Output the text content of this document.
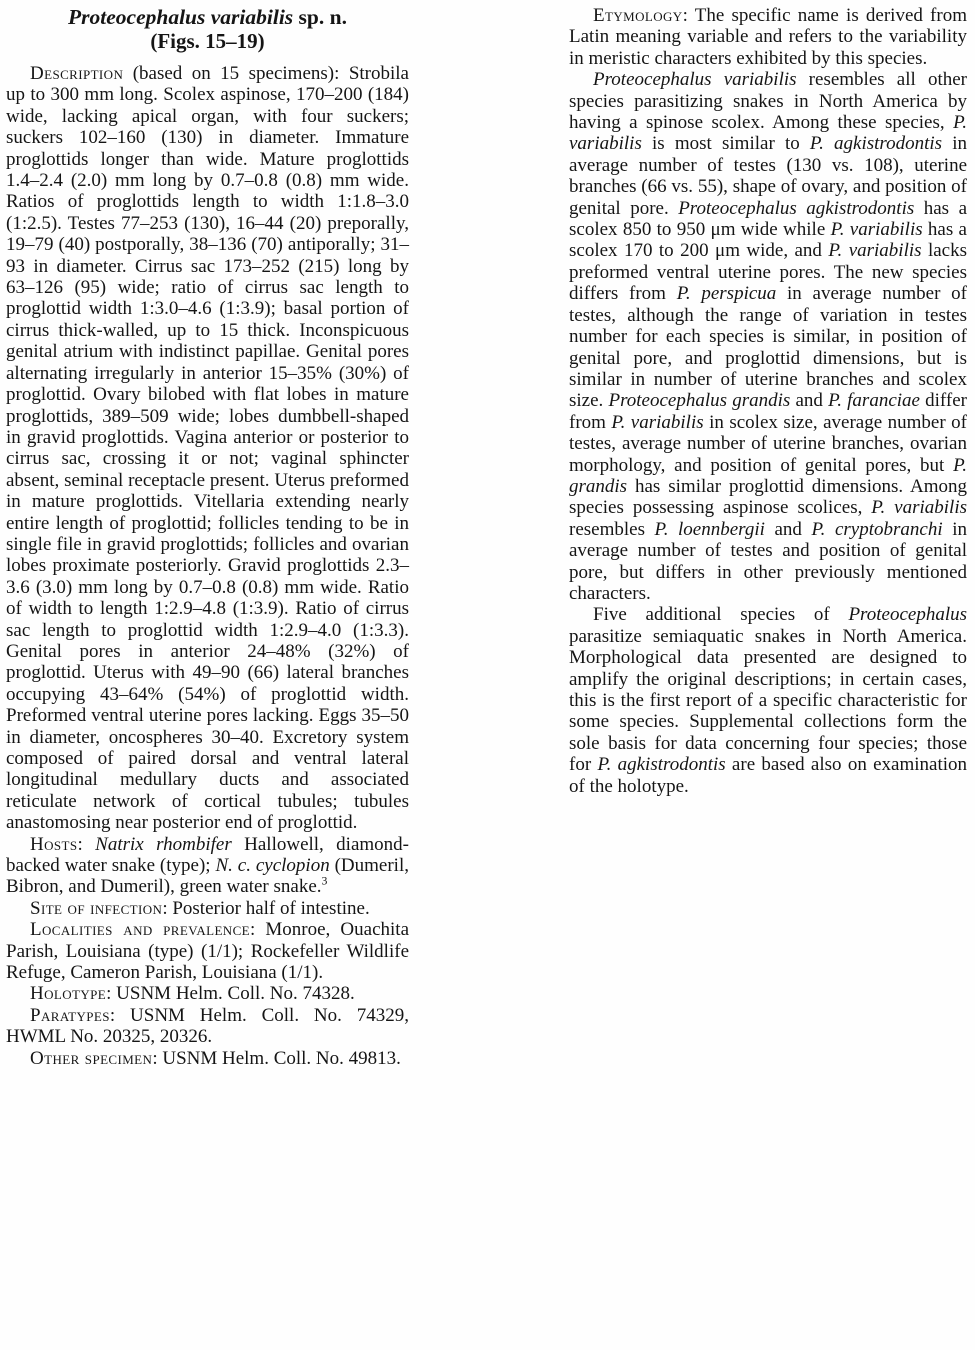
Proteocephalus variabilis sp. n.
(Figs. 15–19)

Description (based on 15 specimens): Strobila up to 300 mm long. Scolex aspinose, 170–200 (184) wide, lacking apical organ, with four suckers; suckers 102–160 (130) in diameter. Immature proglottids longer than wide. Mature proglottids 1.4–2.4 (2.0) mm long by 0.7–0.8 (0.8) mm wide. Ratios of proglottids length to width 1:1.8–3.0 (1:2.5). Testes 77–253 (130), 16–44 (20) preporally, 19–79 (40) postporally, 38–136 (70) antiporally; 31–93 in diameter. Cirrus sac 173–252 (215) long by 63–126 (95) wide; ratio of cirrus sac length to proglottid width 1:3.0–4.6 (1:3.9); basal portion of cirrus thick-walled, up to 15 thick. Inconspicuous genital atrium with indistinct papillae. Genital pores alternating irregularly in anterior 15–35% (30%) of proglottid. Ovary bilobed with flat lobes in mature proglottids, 389–509 wide; lobes dumbbell-shaped in gravid proglottids. Vagina anterior or posterior to cirrus sac, crossing it or not; vaginal sphincter absent, seminal receptacle present. Uterus preformed in mature proglottids. Vitellaria extending nearly entire length of proglottid; follicles tending to be in single file in gravid proglottids; follicles and ovarian lobes proximate posteriorly. Gravid proglottids 2.3–3.6 (3.0) mm long by 0.7–0.8 (0.8) mm wide. Ratio of width to length 1:2.9–4.8 (1:3.9). Ratio of cirrus sac length to proglottid width 1:2.9–4.0 (1:3.3). Genital pores in anterior 24–48% (32%) of proglottid. Uterus with 49–90 (66) lateral branches occupying 43–64% (54%) of proglottid width. Preformed ventral uterine pores lacking. Eggs 35–50 in diameter, oncospheres 30–40. Excretory system composed of paired dorsal and ventral lateral longitudinal medullary ducts and associated reticulate network of cortical tubules; tubules anastomosing near posterior end of proglottid.

Hosts: Natrix rhombifer Hallowell, diamond-backed water snake (type); N. c. cyclopion (Dumeril, Bibron, and Dumeril), green water snake.$^3$

Site of infection: Posterior half of intestine.

Localities and prevalence: Monroe, Ouachita Parish, Louisiana (type) (1/1); Rockefeller Wildlife Refuge, Cameron Parish, Louisiana (1/1).

Holotype: USNM Helm. Coll. No. 74328.

Paratypes: USNM Helm. Coll. No. 74329, HWML No. 20325, 20326.

Other specimen: USNM Helm. Coll. No. 49813.

Etymology: The specific name is derived from Latin meaning variable and refers to the variability in meristic characters exhibited by this species.

Proteocephalus variabilis resembles all other species parasitizing snakes in North America by having a spinose scolex. Among these species, P. variabilis is most similar to P. agkistrodontis in average number of testes (130 vs. 108), uterine branches (66 vs. 55), shape of ovary, and position of genital pore. Proteocephalus agkistrodontis has a scolex 850 to 950 μm wide while P. variabilis has a scolex 170 to 200 μm wide, and P. variabilis lacks preformed ventral uterine pores. The new species differs from P. perspicua in average number of testes, although the range of variation in testes number for each species is similar, in position of genital pore, and proglottid dimensions, but is similar in number of uterine branches and scolex size. Proteocephalus grandis and P. faranciae differ from P. variabilis in scolex size, average number of testes, average number of uterine branches, ovarian morphology, and position of genital pores, but P. grandis has similar proglottid dimensions. Among species possessing aspinose scolices, P. variabilis resembles P. loennbergii and P. cryptobranchi in average number of testes and position of genital pore, but differs in other previously mentioned characters.

Five additional species of Proteocephalus parasitize semiaquatic snakes in North America. Morphological data presented are designed to amplify the original descriptions; in certain cases, this is the first report of a specific characteristic for some species. Supplemental collections form the sole basis for data concerning four species; those for P. agkistrodontis are based also on examination of the holotype.
